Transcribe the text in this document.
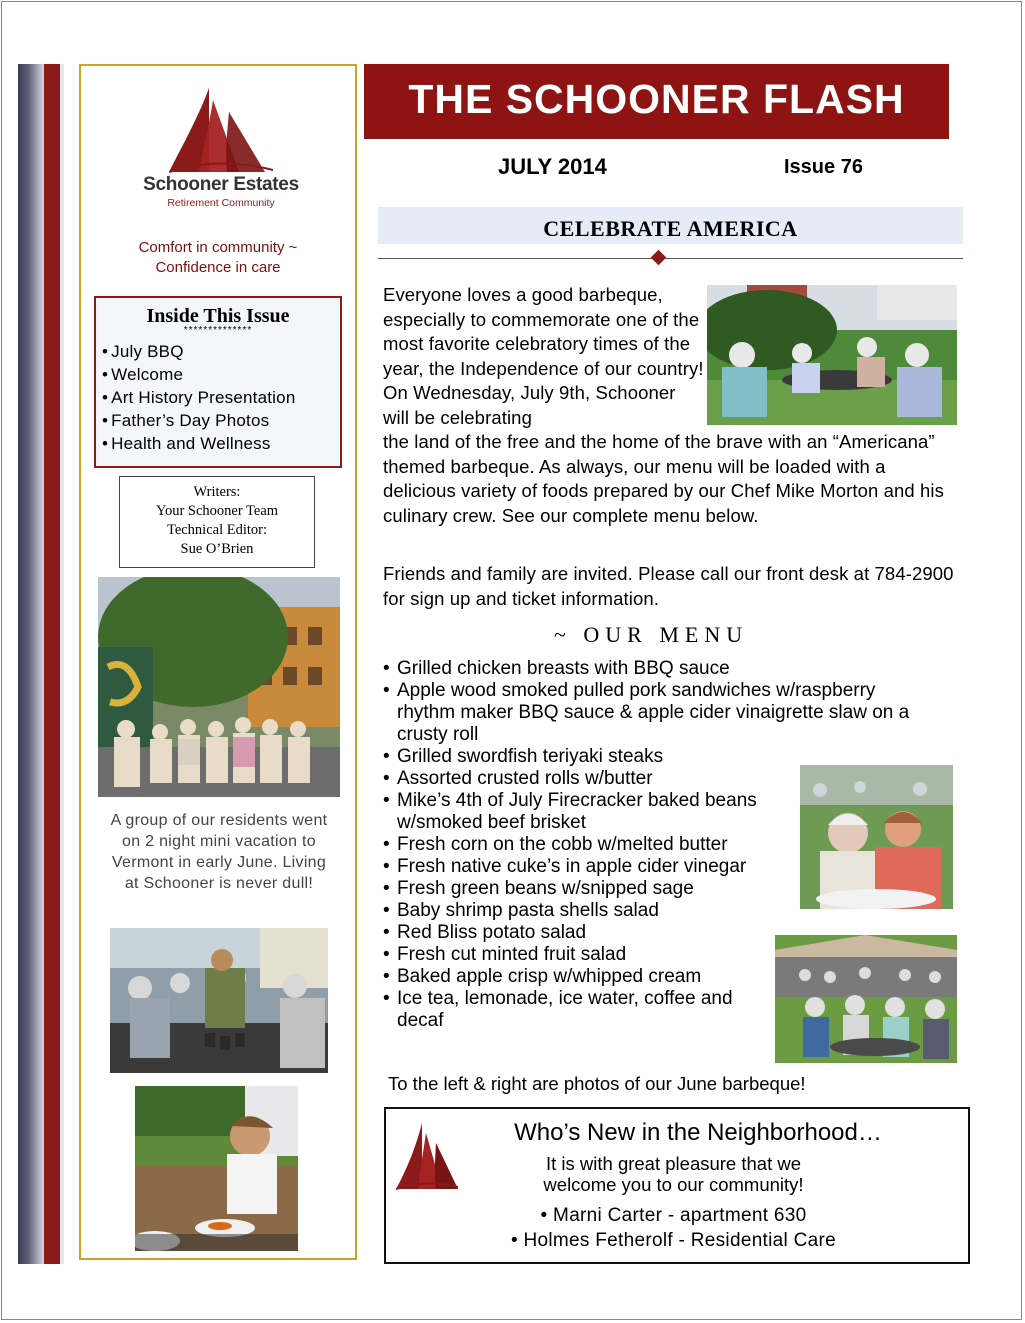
Schooner Estates
Retirement Community
Comfort in community ~
Confidence in care
Inside This Issue
**************
• July BBQ
• Welcome
• Art History Presentation
• Father’s Day Photos
• Health and Wellness
Writers:
Your Schooner Team
Technical Editor:
Sue O’Brien
A group of our residents went on 2 night mini vacation to Vermont in early June. Living at Schooner is never dull!
THE SCHOONER FLASH
JULY 2014	Issue 76
CELEBRATE AMERICA
Everyone loves a good barbeque, especially to commemorate one of the most favorite celebratory times of the year, the Independence of our country! On Wednesday, July 9th, Schooner will be celebrating
the land of the free and the home of the brave with an “Americana” themed barbeque. As always, our menu will be loaded with a delicious variety of foods prepared by our Chef Mike Morton and his culinary crew. See our complete menu below.
Friends and family are invited. Please call our front desk at 784-2900 for sign up and ticket information.
~ OUR MENU
• Grilled chicken breasts with BBQ sauce
• Apple wood smoked pulled pork sandwiches w/raspberry rhythm maker BBQ sauce & apple cider vinaigrette slaw on a crusty roll
• Grilled swordfish teriyaki steaks
• Assorted crusted rolls w/butter
• Mike’s 4th of July Firecracker baked beans w/smoked beef brisket
• Fresh corn on the cobb w/melted butter
• Fresh native cuke’s in apple cider vinegar
• Fresh green beans w/snipped sage
• Baby shrimp pasta shells salad
• Red Bliss potato salad
• Fresh cut minted fruit salad
• Baked apple crisp w/whipped cream
• Ice tea, lemonade, ice water, coffee and decaf
To the left & right are photos of our June barbeque!
Who’s New in the Neighborhood…
It is with great pleasure that we
welcome you to our community!
• Marni Carter - apartment 630
• Holmes Fetherolf - Residential Care
